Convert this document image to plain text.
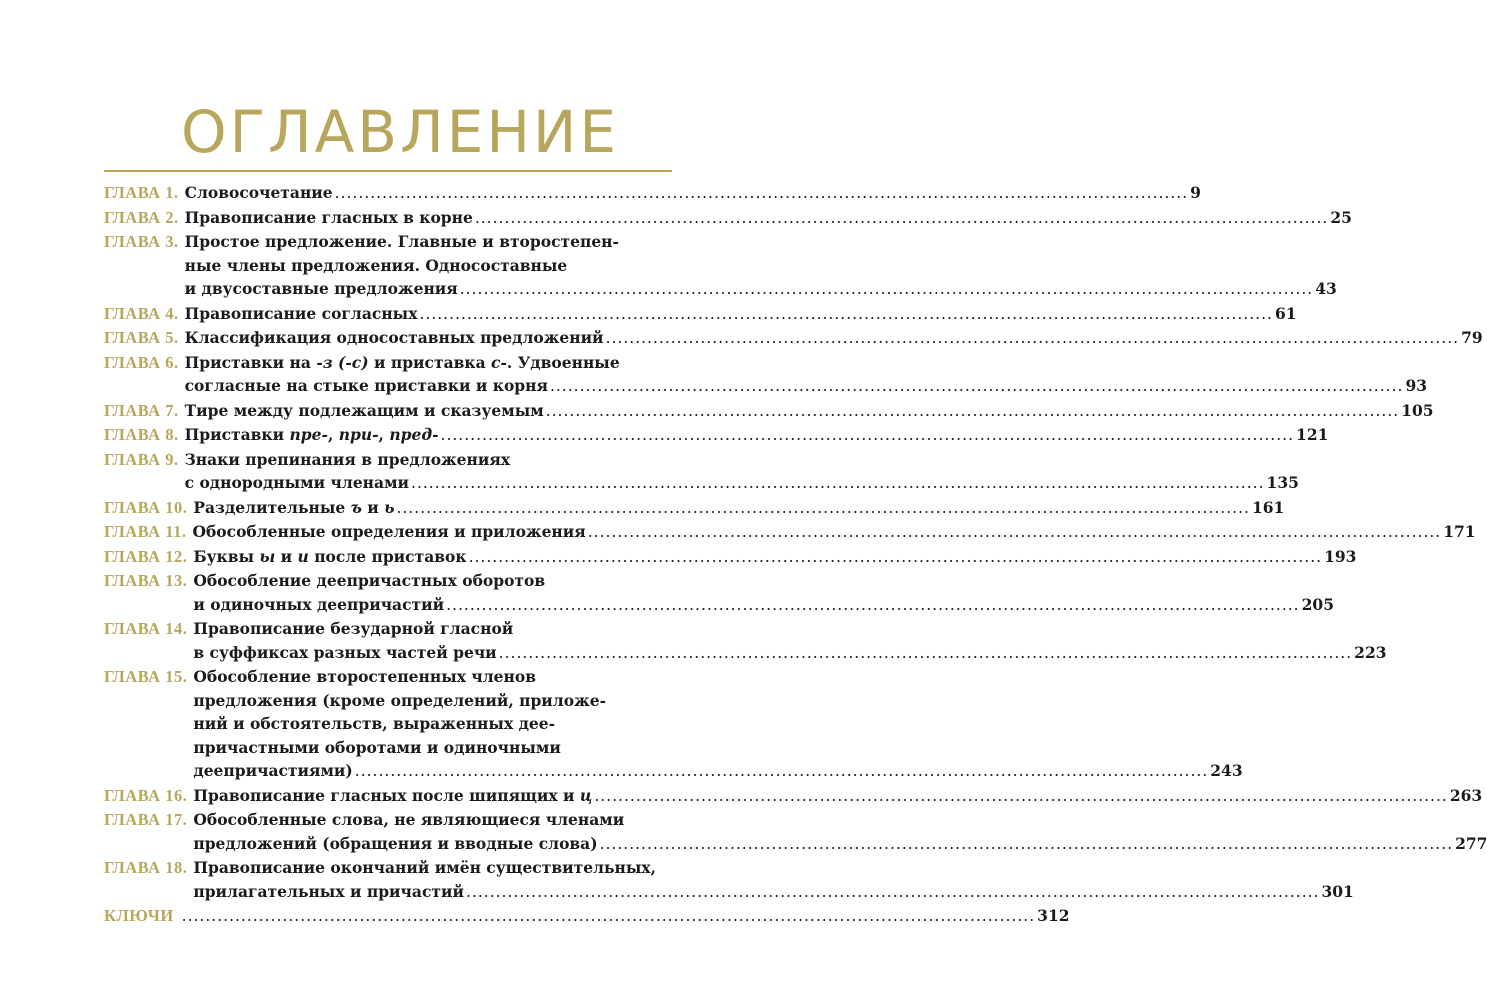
ОГЛАВЛЕНИЕ
ГЛАВА 1. Словосочетание .....	9
ГЛАВА 2. Правописание гласных в корне .....	25
ГЛАВА 3. Простое предложение. Главные и второстепен-
ные члены предложения. Односоставные
и двусоставные предложения .....	43
ГЛАВА 4. Правописание согласных .....	61
ГЛАВА 5. Классификация односоставных предложений .....	79
ГЛАВА 6. Приставки на -з (-с) и приставка с-. Удвоенные
согласные на стыке приставки и корня .....	93
ГЛАВА 7. Тире между подлежащим и сказуемым .....	105
ГЛАВА 8. Приставки пре-, при-, пред- .....	121
ГЛАВА 9. Знаки препинания в предложениях
с однородными членами .....	135
ГЛАВА 10. Разделительные ъ и ь .....	161
ГЛАВА 11. Обособленные определения и приложения .....	171
ГЛАВА 12. Буквы ы и и после приставок .....	193
ГЛАВА 13. Обособление деепричастных оборотов
и одиночных деепричастий .....	205
ГЛАВА 14. Правописание безударной гласной
в суффиксах разных частей речи .....	223
ГЛАВА 15. Обособление второстепенных членов
предложения (кроме определений, приложе-
ний и обстоятельств, выраженных дее-
причастными оборотами и одиночными
деепричастиями) .....	243
ГЛАВА 16. Правописание гласных после шипящих и ц .....	263
ГЛАВА 17. Обособленные слова, не являющиеся членами
предложений (обращения и вводные слова) .....	277
ГЛАВА 18. Правописание окончаний имён существительных,
прилагательных и причастий .....	301
КЛЮЧИ .....	312
